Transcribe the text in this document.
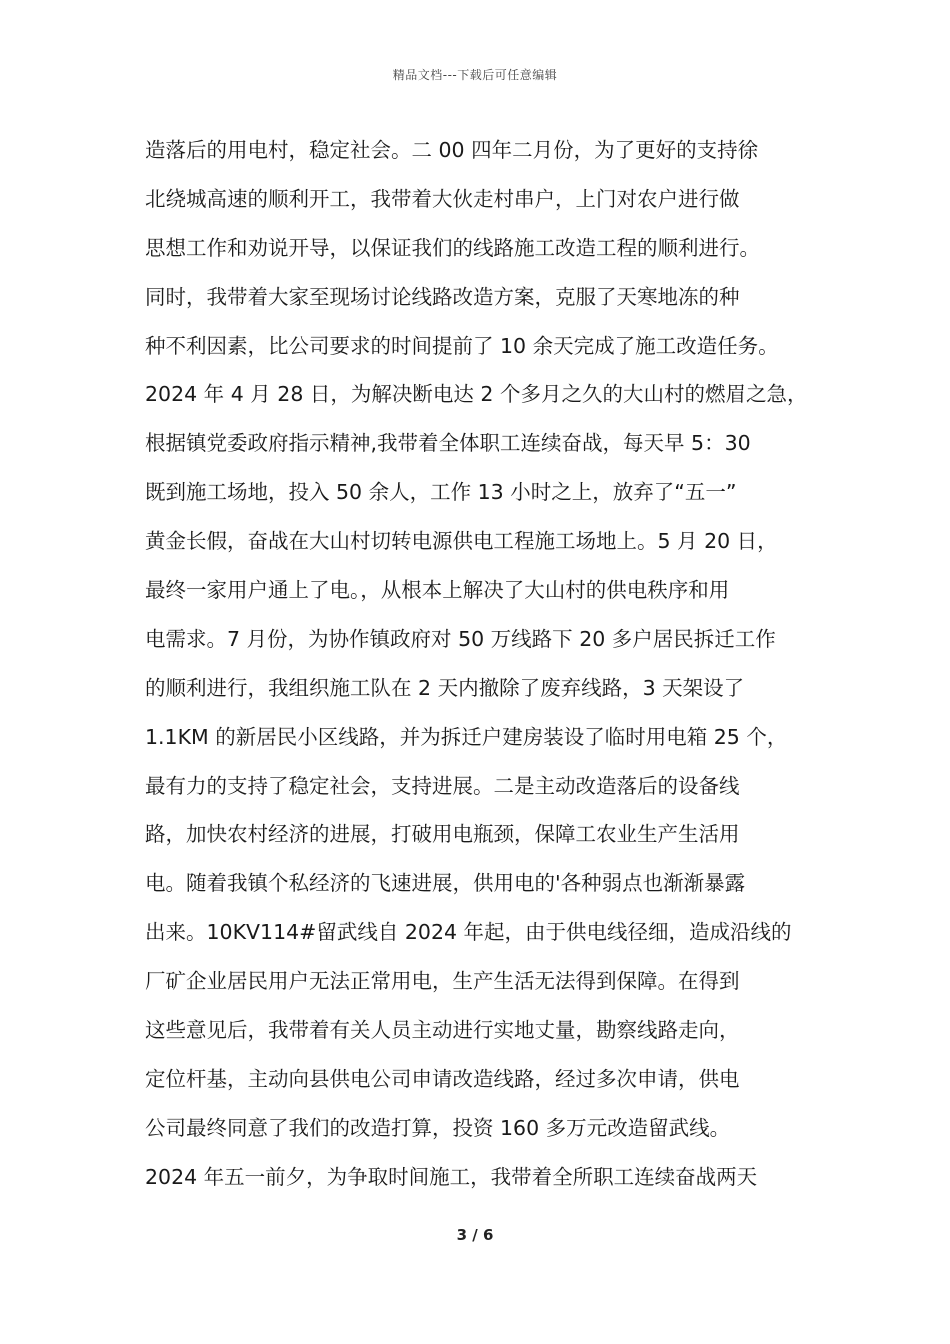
精品文档---下载后可任意编辑
造落后的用电村，稳定社会。二 00 四年二月份，为了更好的支持徐
北绕城高速的顺利开工，我带着大伙走村串户，上门对农户进行做
思想工作和劝说开导，以保证我们的线路施工改造工程的顺利进行。
同时，我带着大家至现场讨论线路改造方案，克服了天寒地冻的种
种不利因素，比公司要求的时间提前了 10 余天完成了施工改造任务。
2024 年 4 月 28 日，为解决断电达 2 个多月之久的大山村的燃眉之急，
根据镇党委政府指示精神,我带着全体职工连续奋战，每天早 5：30
既到施工场地，投入 50 余人，工作 13 小时之上，放弃了“五一”
黄金长假，奋战在大山村切转电源供电工程施工场地上。5 月 20 日，
最终一家用户通上了电。，从根本上解决了大山村的供电秩序和用
电需求。7 月份，为协作镇政府对 50 万线路下 20 多户居民拆迁工作
的顺利进行，我组织施工队在 2 天内撤除了废弃线路，3 天架设了
1.1KM 的新居民小区线路，并为拆迁户建房装设了临时用电箱 25 个，
最有力的支持了稳定社会，支持进展。二是主动改造落后的设备线
路，加快农村经济的进展，打破用电瓶颈，保障工农业生产生活用
电。随着我镇个私经济的飞速进展，供用电的'各种弱点也渐渐暴露
出来。10KV114#留武线自 2024 年起，由于供电线径细，造成沿线的
厂矿企业居民用户无法正常用电，生产生活无法得到保障。在得到
这些意见后，我带着有关人员主动进行实地丈量，勘察线路走向，
定位杆基，主动向县供电公司申请改造线路，经过多次申请，供电
公司最终同意了我们的改造打算，投资 160 多万元改造留武线。
2024 年五一前夕，为争取时间施工，我带着全所职工连续奋战两天
3 / 6
